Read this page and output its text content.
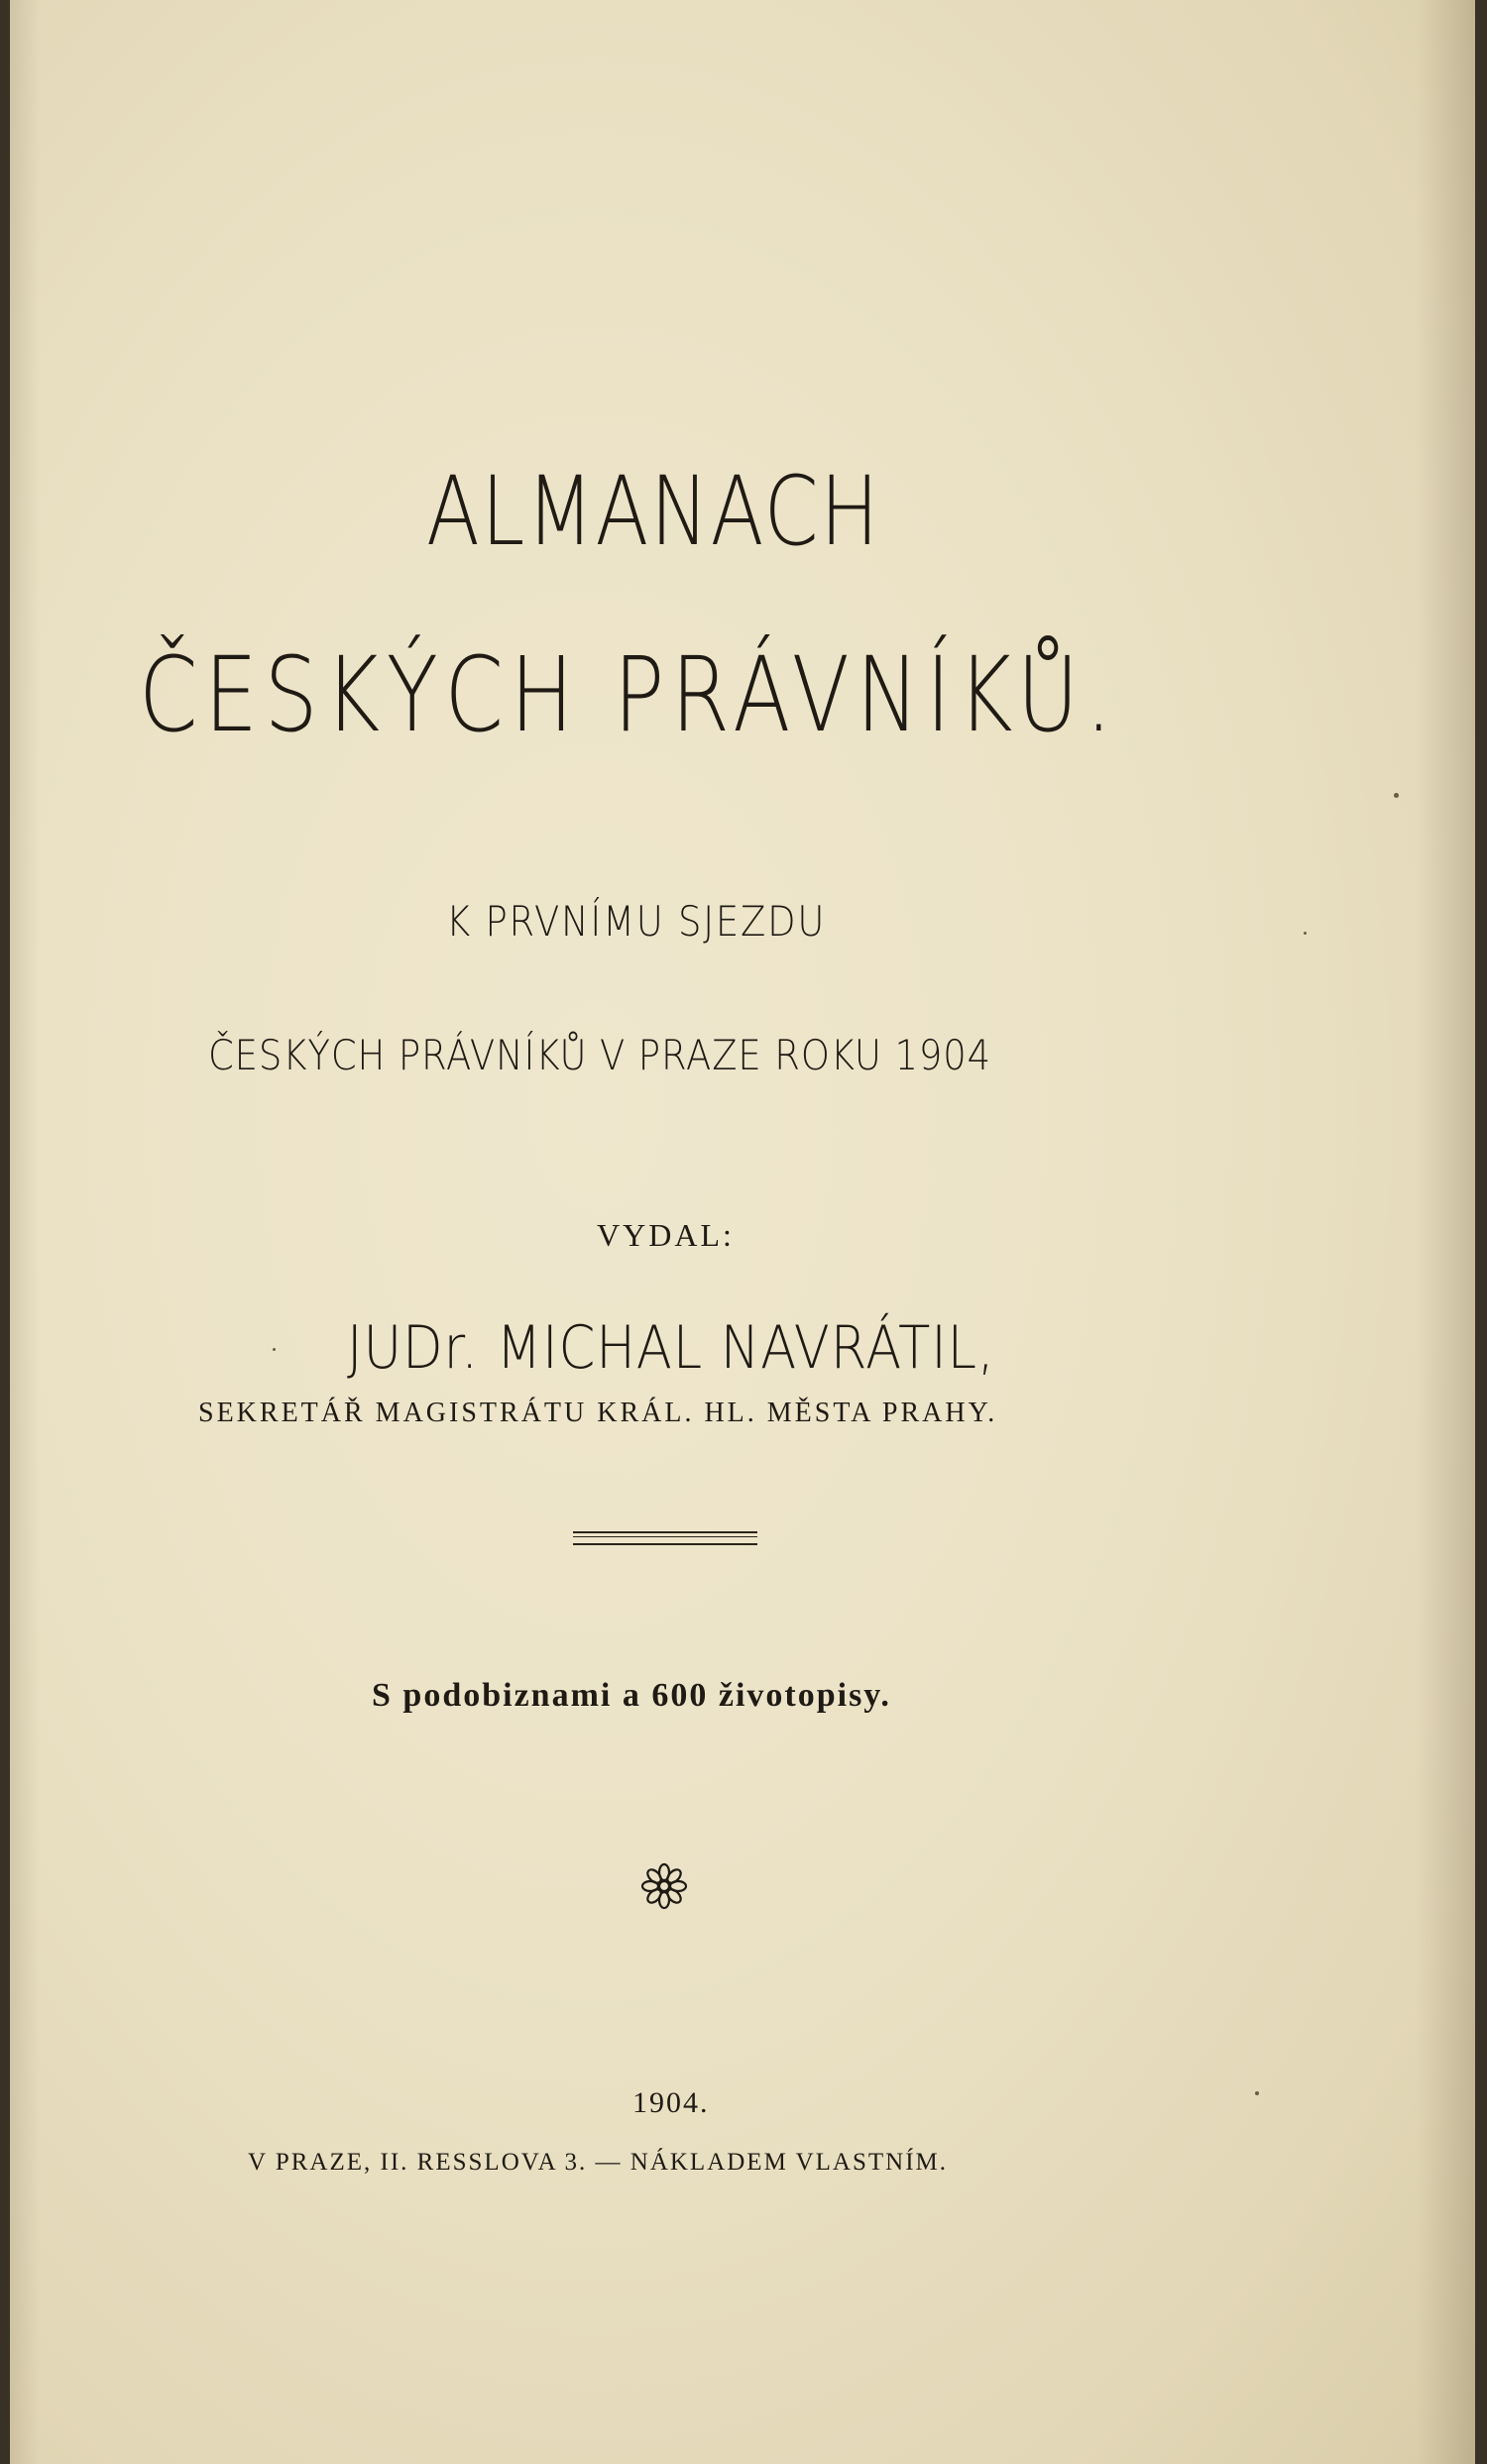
ALMANACH
ČESKÝCH PRÁVNÍKŮ.
K PRVNÍMU SJEZDU
ČESKÝCH PRÁVNÍKŮ V PRAZE ROKU 1904
VYDAL:
JUDr. MICHAL NAVRÁTIL,
SEKRETÁŘ MAGISTRÁTU KRÁL. HL. MĚSTA PRAHY.
S podobiznami a 600 životopisy.
1904.
V PRAZE, II. RESSLOVA 3. — NÁKLADEM VLASTNÍM.
